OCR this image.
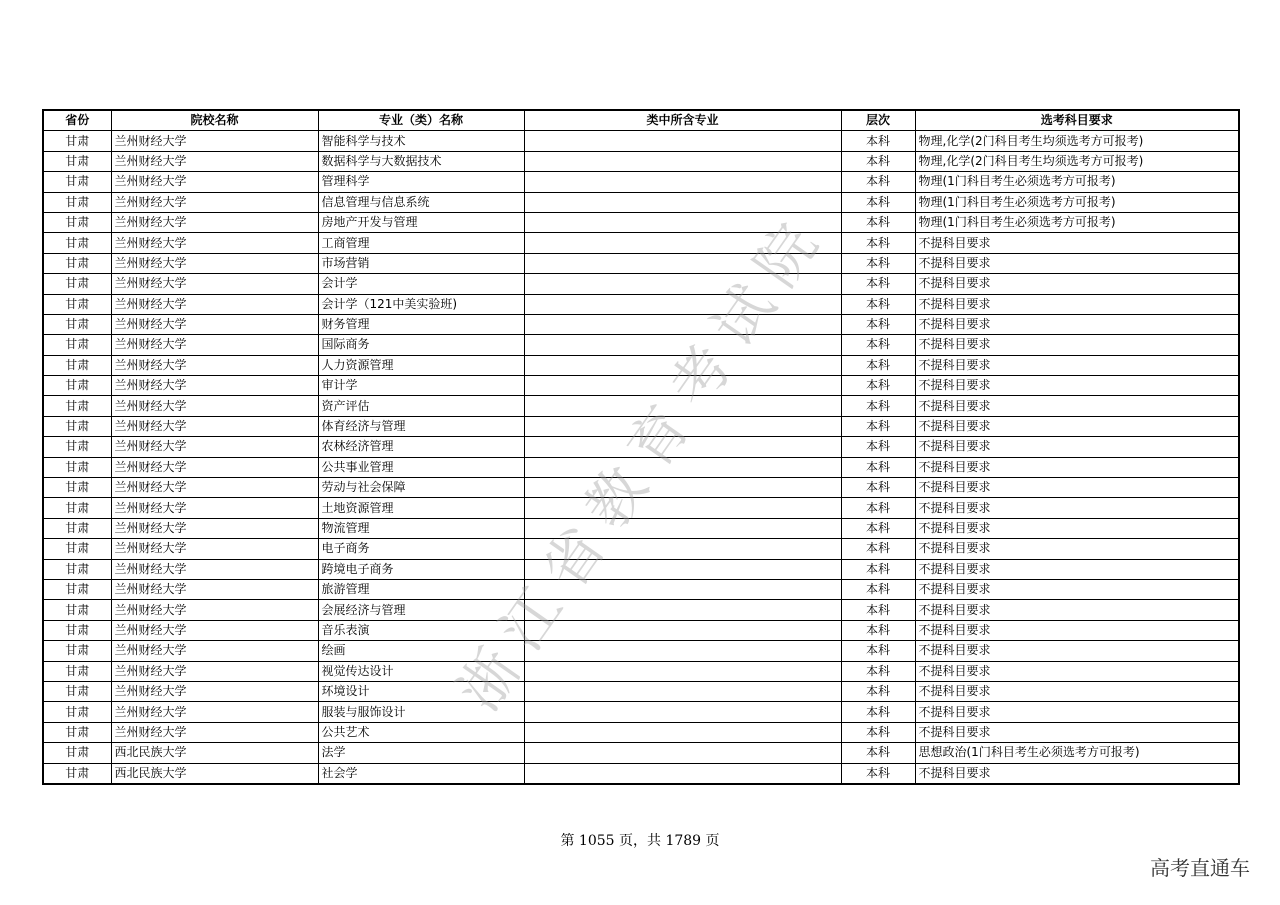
省份	院校名称	专业（类）名称	类中所含专业	层次	选考科目要求
甘肃	兰州财经大学	智能科学与技术		本科	物理,化学(2门科目考生均须选考方可报考)
甘肃	兰州财经大学	数据科学与大数据技术		本科	物理,化学(2门科目考生均须选考方可报考)
甘肃	兰州财经大学	管理科学		本科	物理(1门科目考生必须选考方可报考)
甘肃	兰州财经大学	信息管理与信息系统		本科	物理(1门科目考生必须选考方可报考)
甘肃	兰州财经大学	房地产开发与管理		本科	物理(1门科目考生必须选考方可报考)
甘肃	兰州财经大学	工商管理		本科	不提科目要求
甘肃	兰州财经大学	市场营销		本科	不提科目要求
甘肃	兰州财经大学	会计学		本科	不提科目要求
甘肃	兰州财经大学	会计学（121中美实验班)		本科	不提科目要求
甘肃	兰州财经大学	财务管理		本科	不提科目要求
甘肃	兰州财经大学	国际商务		本科	不提科目要求
甘肃	兰州财经大学	人力资源管理		本科	不提科目要求
甘肃	兰州财经大学	审计学		本科	不提科目要求
甘肃	兰州财经大学	资产评估		本科	不提科目要求
甘肃	兰州财经大学	体育经济与管理		本科	不提科目要求
甘肃	兰州财经大学	农林经济管理		本科	不提科目要求
甘肃	兰州财经大学	公共事业管理		本科	不提科目要求
甘肃	兰州财经大学	劳动与社会保障		本科	不提科目要求
甘肃	兰州财经大学	土地资源管理		本科	不提科目要求
甘肃	兰州财经大学	物流管理		本科	不提科目要求
甘肃	兰州财经大学	电子商务		本科	不提科目要求
甘肃	兰州财经大学	跨境电子商务		本科	不提科目要求
甘肃	兰州财经大学	旅游管理		本科	不提科目要求
甘肃	兰州财经大学	会展经济与管理		本科	不提科目要求
甘肃	兰州财经大学	音乐表演		本科	不提科目要求
甘肃	兰州财经大学	绘画		本科	不提科目要求
甘肃	兰州财经大学	视觉传达设计		本科	不提科目要求
甘肃	兰州财经大学	环境设计		本科	不提科目要求
甘肃	兰州财经大学	服装与服饰设计		本科	不提科目要求
甘肃	兰州财经大学	公共艺术		本科	不提科目要求
甘肃	西北民族大学	法学		本科	思想政治(1门科目考生必须选考方可报考)
甘肃	西北民族大学	社会学		本科	不提科目要求
浙江省教育考试院
第 1055 页，共 1789 页
高考直通车
